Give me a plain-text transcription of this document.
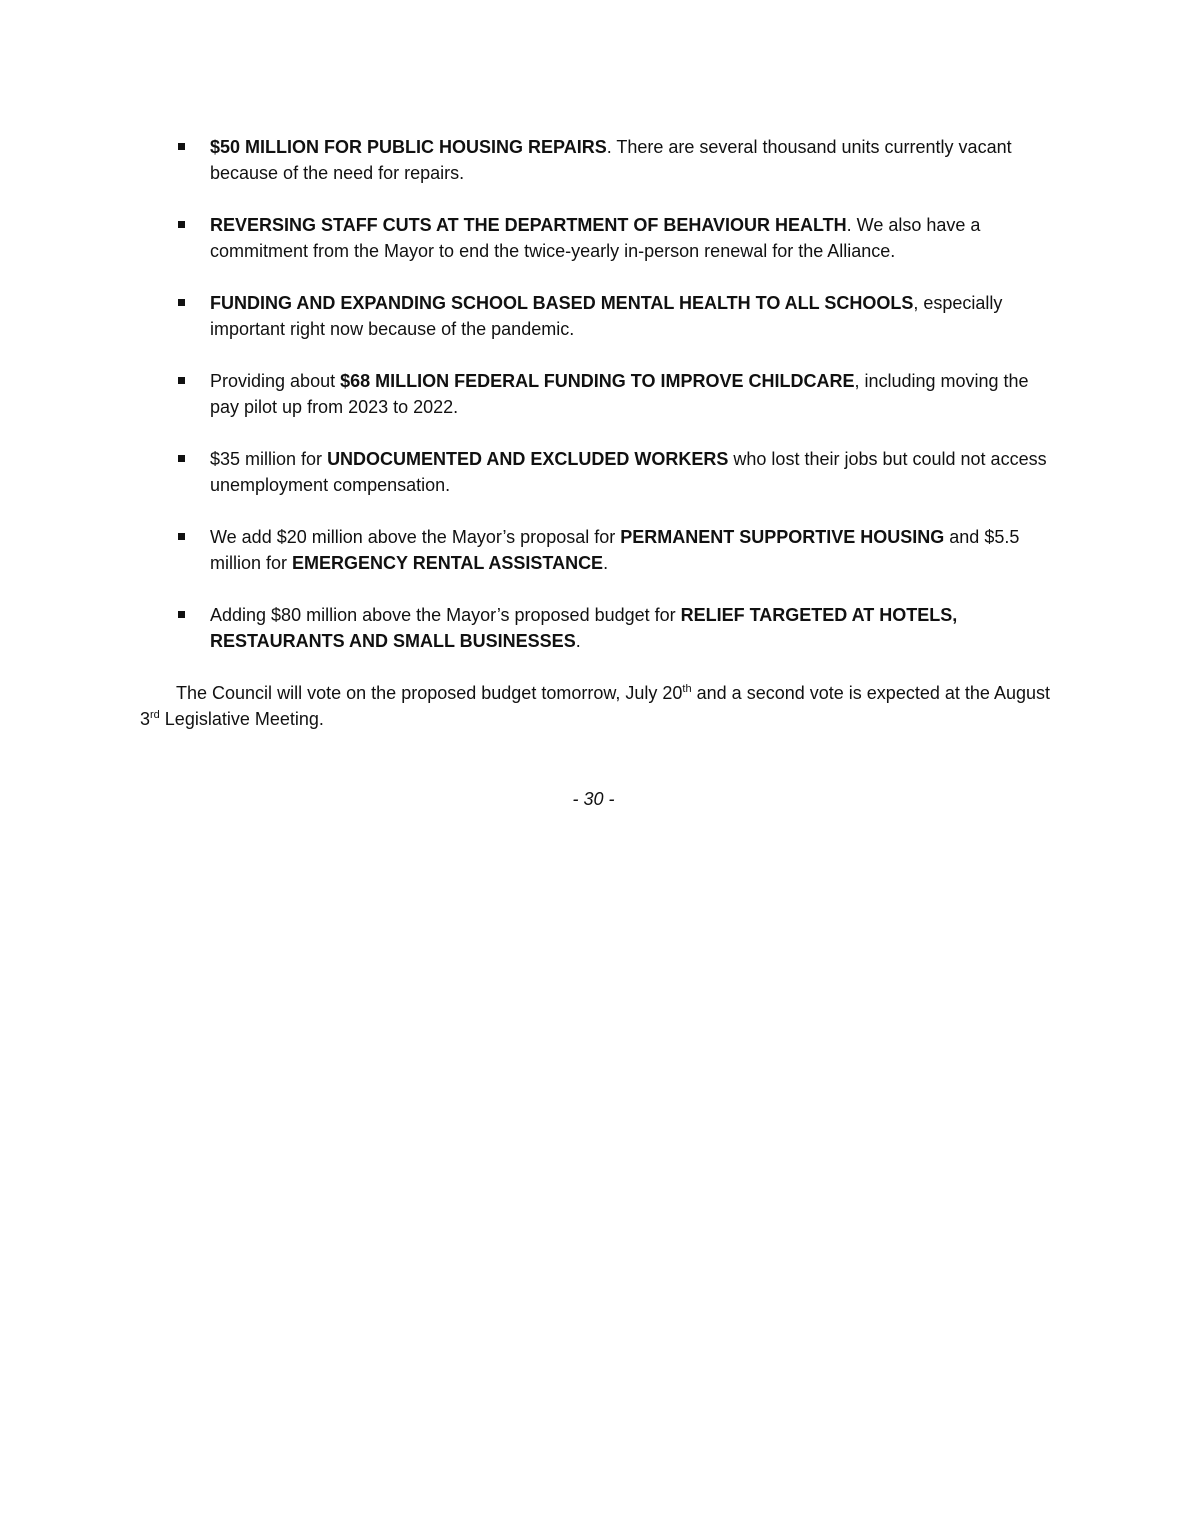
$50 MILLION FOR PUBLIC HOUSING REPAIRS. There are several thousand units currently vacant because of the need for repairs.
REVERSING STAFF CUTS AT THE DEPARTMENT OF BEHAVIOUR HEALTH. We also have a commitment from the Mayor to end the twice-yearly in-person renewal for the Alliance.
FUNDING AND EXPANDING SCHOOL BASED MENTAL HEALTH TO ALL SCHOOLS, especially important right now because of the pandemic.
Providing about $68 MILLION FEDERAL FUNDING TO IMPROVE CHILDCARE, including moving the pay pilot up from 2023 to 2022.
$35 million for UNDOCUMENTED AND EXCLUDED WORKERS who lost their jobs but could not access unemployment compensation.
We add $20 million above the Mayor’s proposal for PERMANENT SUPPORTIVE HOUSING and $5.5 million for EMERGENCY RENTAL ASSISTANCE.
Adding $80 million above the Mayor’s proposed budget for RELIEF TARGETED AT HOTELS, RESTAURANTS AND SMALL BUSINESSES.

The Council will vote on the proposed budget tomorrow, July 20th and a second vote is expected at the August 3rd Legislative Meeting.

- 30 -
